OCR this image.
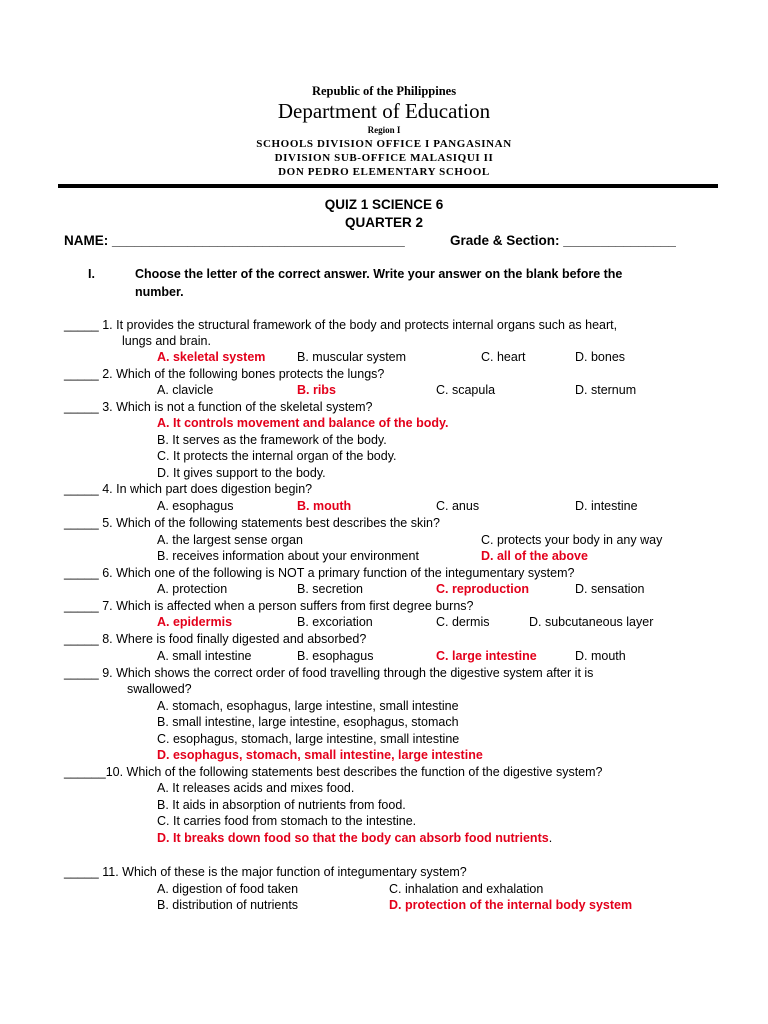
Republic of the Philippines
Department of Education
Region I
SCHOOLS DIVISION OFFICE I PANGASINAN
DIVISION SUB-OFFICE MALASIQUI II
DON PEDRO ELEMENTARY SCHOOL
QUIZ 1 SCIENCE 6
QUARTER 2
NAME: _______________________________________	Grade & Section: _______________
I.	Choose the letter of the correct answer. Write your answer on the blank before the
number.
_____ 1. It provides the structural framework of the body and protects internal organs such as heart,
lungs and brain.
A. skeletal system	B. muscular system	C. heart	D. bones
_____ 2. Which of the following bones protects the lungs?
A. clavicle	B. ribs	C. scapula	D. sternum
_____ 3. Which is not a function of the skeletal system?
A. It controls movement and balance of the body.
B. It serves as the framework of the body.
C. It protects the internal organ of the body.
D. It gives support to the body.
_____ 4. In which part does digestion begin?
A. esophagus	B. mouth	C. anus	D. intestine
_____ 5. Which of the following statements best describes the skin?
A. the largest sense organ	C. protects your body in any way
B. receives information about your environment	D. all of the above
_____ 6. Which one of the following is NOT a primary function of the integumentary system?
A. protection	B. secretion	C. reproduction	D. sensation
_____ 7. Which is affected when a person suffers from first degree burns?
A. epidermis	B. excoriation	C. dermis	D. subcutaneous layer
_____ 8. Where is food finally digested and absorbed?
A. small intestine	B. esophagus	C. large intestine	D. mouth
_____ 9. Which shows the correct order of food travelling through the digestive system after it is
swallowed?
A. stomach, esophagus, large intestine, small intestine
B. small intestine, large intestine, esophagus, stomach
C. esophagus, stomach, large intestine, small intestine
D. esophagus, stomach, small intestine, large intestine
______10. Which of the following statements best describes the function of the digestive system?
A. It releases acids and mixes food.
B. It aids in absorption of nutrients from food.
C. It carries food from stomach to the intestine.
D. It breaks down food so that the body can absorb food nutrients.
_____ 11. Which of these is the major function of integumentary system?
A. digestion of food taken	C. inhalation and exhalation
B. distribution of nutrients	D. protection of the internal body system
